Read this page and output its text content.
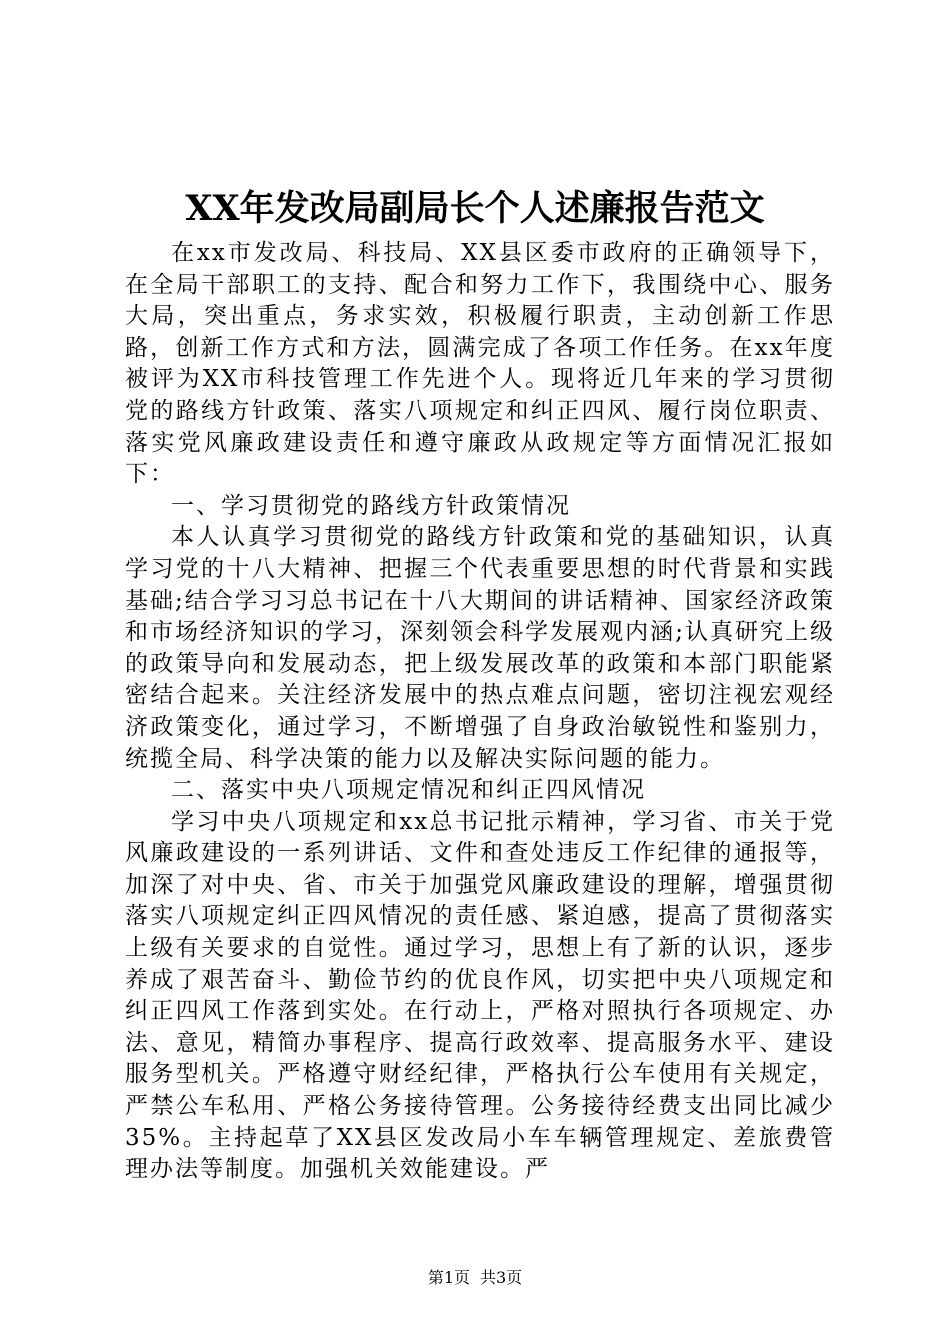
XX年发改局副局长个人述廉报告范文

在xx市发改局、科技局、XX县区委市政府的正确领导下，在全局干部职工的支持、配合和努力工作下，我围绕中心、服务大局，突出重点，务求实效，积极履行职责，主动创新工作思路，创新工作方式和方法，圆满完成了各项工作任务。在xx年度被评为XX市科技管理工作先进个人。现将近几年来的学习贯彻党的路线方针政策、落实八项规定和纠正四风、履行岗位职责、落实党风廉政建设责任和遵守廉政从政规定等方面情况汇报如下：

一、学习贯彻党的路线方针政策情况

本人认真学习贯彻党的路线方针政策和党的基础知识，认真学习党的十八大精神、把握三个代表重要思想的时代背景和实践基础;结合学习习总书记在十八大期间的讲话精神、国家经济政策和市场经济知识的学习，深刻领会科学发展观内涵;认真研究上级的政策导向和发展动态，把上级发展改革的政策和本部门职能紧密结合起来。关注经济发展中的热点难点问题，密切注视宏观经济政策变化，通过学习，不断增强了自身政治敏锐性和鉴别力，统揽全局、科学决策的能力以及解决实际问题的能力。

二、落实中央八项规定情况和纠正四风情况

学习中央八项规定和xx总书记批示精神，学习省、市关于党风廉政建设的一系列讲话、文件和查处违反工作纪律的通报等，加深了对中央、省、市关于加强党风廉政建设的理解，增强贯彻落实八项规定纠正四风情况的责任感、紧迫感，提高了贯彻落实上级有关要求的自觉性。通过学习，思想上有了新的认识，逐步养成了艰苦奋斗、勤俭节约的优良作风，切实把中央八项规定和纠正四风工作落到实处。在行动上，严格对照执行各项规定、办法、意见，精简办事程序、提高行政效率、提高服务水平、建设服务型机关。严格遵守财经纪律，严格执行公车使用有关规定，严禁公车私用、严格公务接待管理。公务接待经费支出同比减少35%。主持起草了XX县区发改局小车车辆管理规定、差旅费管理办法等制度。加强机关效能建设。严

第1页 共3页
